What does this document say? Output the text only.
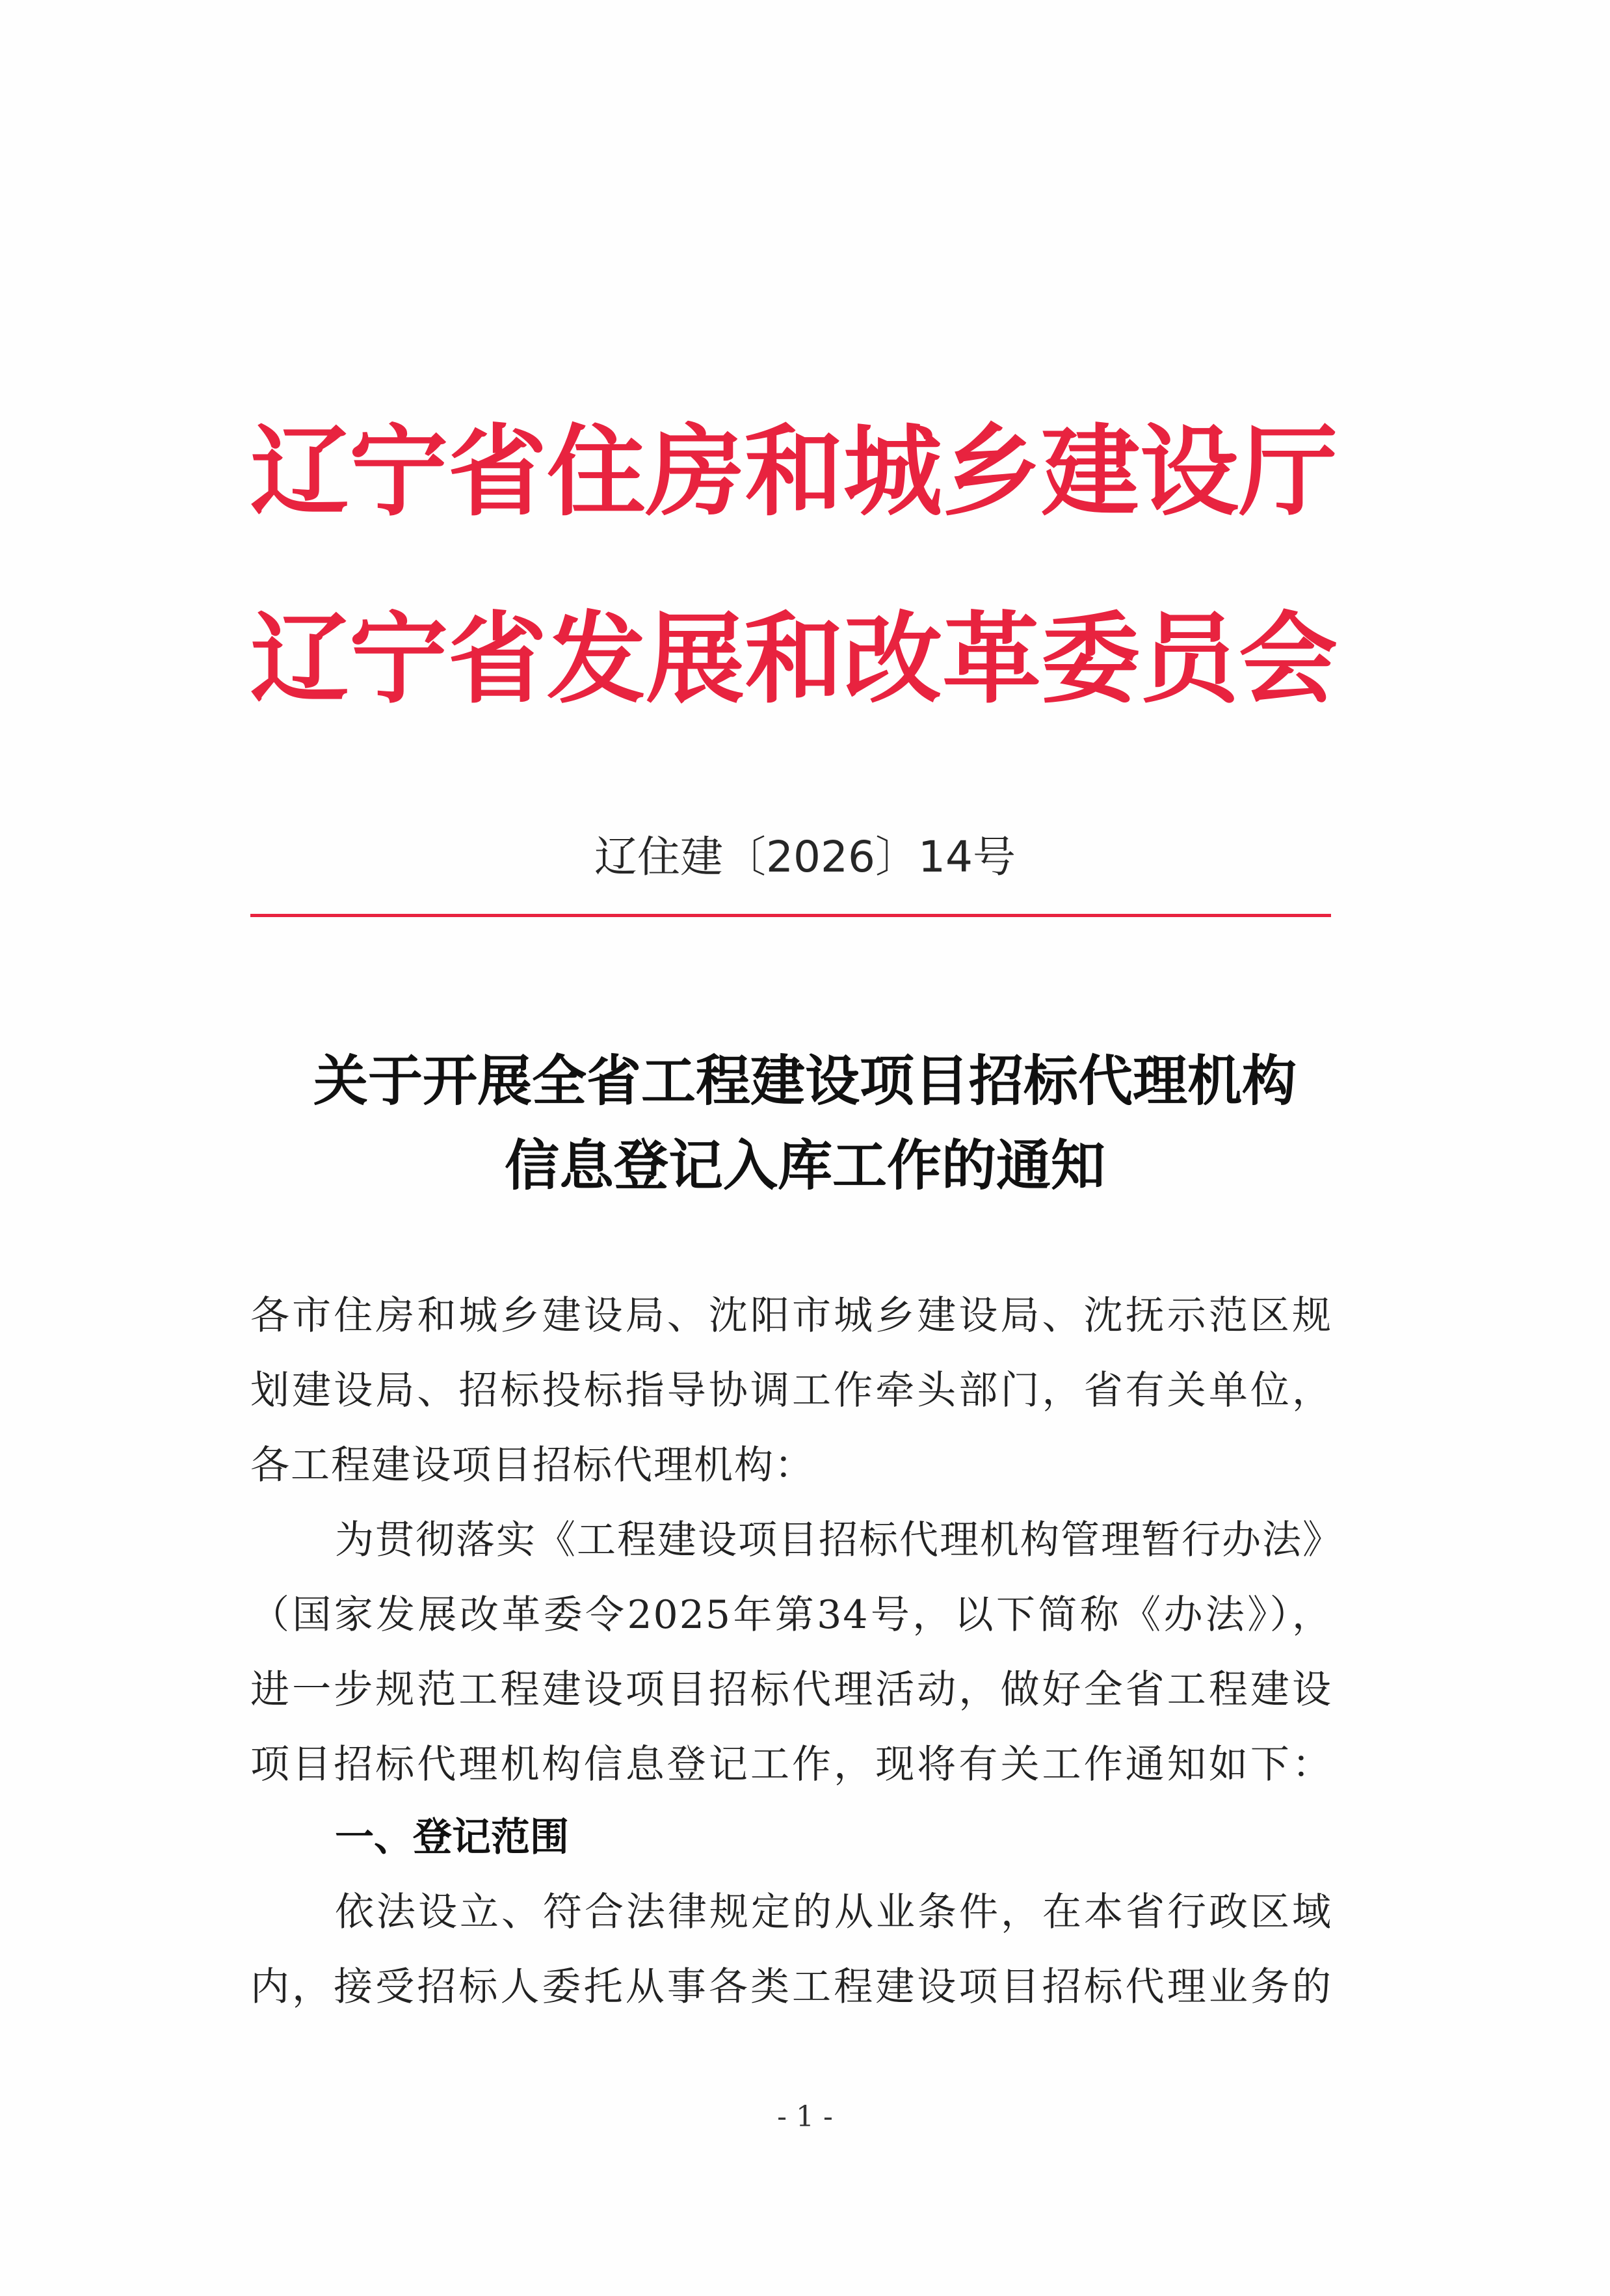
辽宁省住房和城乡建设厅
辽宁省发展和改革委员会
辽住建〔2026〕14号
关于开展全省工程建设项目招标代理机构
信息登记入库工作的通知
各市住房和城乡建设局、沈阳市城乡建设局、沈抚示范区规
划建设局、招标投标指导协调工作牵头部门，省有关单位，
各工程建设项目招标代理机构：
为贯彻落实《工程建设项目招标代理机构管理暂行办法》
（国家发展改革委令2025年第34号，以下简称《办法》），
进一步规范工程建设项目招标代理活动，做好全省工程建设
项目招标代理机构信息登记工作，现将有关工作通知如下：
一、登记范围
依法设立、符合法律规定的从业条件，在本省行政区域
内，接受招标人委托从事各类工程建设项目招标代理业务的
- 1 -
